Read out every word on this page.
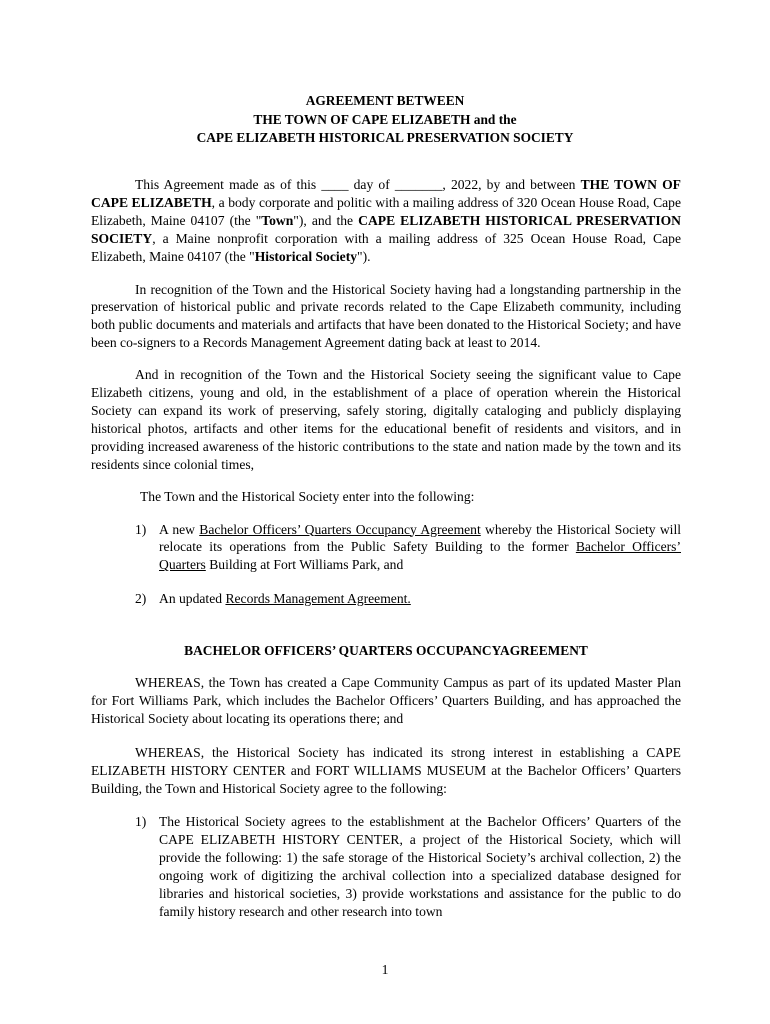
AGREEMENT BETWEEN
THE TOWN OF CAPE ELIZABETH and the
CAPE ELIZABETH HISTORICAL PRESERVATION SOCIETY

This Agreement made as of this ____ day of _______, 2022, by and between THE TOWN OF CAPE ELIZABETH, a body corporate and politic with a mailing address of 320 Ocean House Road, Cape Elizabeth, Maine 04107 (the "Town"), and the CAPE ELIZABETH HISTORICAL PRESERVATION SOCIETY, a Maine nonprofit corporation with a mailing address of 325 Ocean House Road, Cape Elizabeth, Maine 04107 (the "Historical Society").

In recognition of the Town and the Historical Society having had a longstanding partnership in the preservation of historical public and private records related to the Cape Elizabeth community, including both public documents and materials and artifacts that have been donated to the Historical Society; and have been co-signers to a Records Management Agreement dating back at least to 2014.

And in recognition of the Town and the Historical Society seeing the significant value to Cape Elizabeth citizens, young and old, in the establishment of a place of operation wherein the Historical Society can expand its work of preserving, safely storing, digitally cataloging and publicly displaying historical photos, artifacts and other items for the educational benefit of residents and visitors, and in providing increased awareness of the historic contributions to the state and nation made by the town and its residents since colonial times,

The Town and the Historical Society enter into the following:

1) A new Bachelor Officers’ Quarters Occupancy Agreement whereby the Historical Society will relocate its operations from the Public Safety Building to the former Bachelor Officers’ Quarters Building at Fort Williams Park, and
2) An updated Records Management Agreement.
BACHELOR OFFICERS’ QUARTERS OCCUPANCYAGREEMENT

WHEREAS, the Town has created a Cape Community Campus as part of its updated Master Plan for Fort Williams Park, which includes the Bachelor Officers’ Quarters Building, and has approached the Historical Society about locating its operations there; and

WHEREAS, the Historical Society has indicated its strong interest in establishing a CAPE ELIZABETH HISTORY CENTER and FORT WILLIAMS MUSEUM at the Bachelor Officers’ Quarters Building, the Town and Historical Society agree to the following:

1) The Historical Society agrees to the establishment at the Bachelor Officers’ Quarters of the CAPE ELIZABETH HISTORY CENTER, a project of the Historical Society, which will provide the following: 1) the safe storage of the Historical Society’s archival collection, 2) the ongoing work of digitizing the archival collection into a specialized database designed for libraries and historical societies, 3) provide workstations and assistance for the public to do family history research and other research into town
1
